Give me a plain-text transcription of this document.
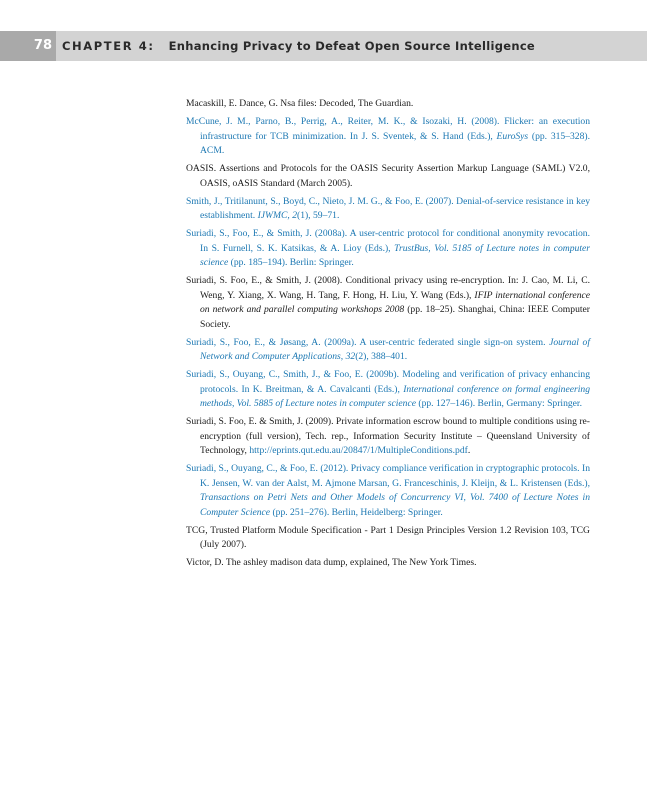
78 CHAPTER 4: Enhancing Privacy to Defeat Open Source Intelligence

Macaskill, E. Dance, G. Nsa files: Decoded, The Guardian.

McCune, J. M., Parno, B., Perrig, A., Reiter, M. K., & Isozaki, H. (2008). Flicker: an execution infrastructure for TCB minimization. In J. S. Sventek, & S. Hand (Eds.), EuroSys (pp. 315–328). ACM.

OASIS. Assertions and Protocols for the OASIS Security Assertion Markup Language (SAML) V2.0, OASIS, oASIS Standard (March 2005).

Smith, J., Tritilanunt, S., Boyd, C., Nieto, J. M. G., & Foo, E. (2007). Denial-of-service resistance in key establishment. IJWMC, 2(1), 59–71.

Suriadi, S., Foo, E., & Smith, J. (2008a). A user-centric protocol for conditional anonymity revocation. In S. Furnell, S. K. Katsikas, & A. Lioy (Eds.), TrustBus, Vol. 5185 of Lecture notes in computer science (pp. 185–194). Berlin: Springer.

Suriadi, S. Foo, E., & Smith, J. (2008). Conditional privacy using re-encryption. In: J. Cao, M. Li, C. Weng, Y. Xiang, X. Wang, H. Tang, F. Hong, H. Liu, Y. Wang (Eds.), IFIP international conference on network and parallel computing workshops 2008 (pp. 18–25). Shanghai, China: IEEE Computer Society.

Suriadi, S., Foo, E., & Jøsang, A. (2009a). A user-centric federated single sign-on system. Journal of Network and Computer Applications, 32(2), 388–401.

Suriadi, S., Ouyang, C., Smith, J., & Foo, E. (2009b). Modeling and verification of privacy enhancing protocols. In K. Breitman, & A. Cavalcanti (Eds.), International conference on formal engineering methods, Vol. 5885 of Lecture notes in computer science (pp. 127–146). Berlin, Germany: Springer.

Suriadi, S. Foo, E. & Smith, J. (2009). Private information escrow bound to multiple conditions using re-encryption (full version), Tech. rep., Information Security Institute – Queensland University of Technology, http://eprints.qut.edu.au/20847/1/MultipleConditions.pdf.

Suriadi, S., Ouyang, C., & Foo, E. (2012). Privacy compliance verification in cryptographic protocols. In K. Jensen, W. van der Aalst, M. Ajmone Marsan, G. Franceschinis, J. Kleijn, & L. Kristensen (Eds.), Transactions on Petri Nets and Other Models of Concurrency VI, Vol. 7400 of Lecture Notes in Computer Science (pp. 251–276). Berlin, Heidelberg: Springer.

TCG, Trusted Platform Module Specification - Part 1 Design Principles Version 1.2 Revision 103, TCG (July 2007).

Victor, D. The ashley madison data dump, explained, The New York Times.
